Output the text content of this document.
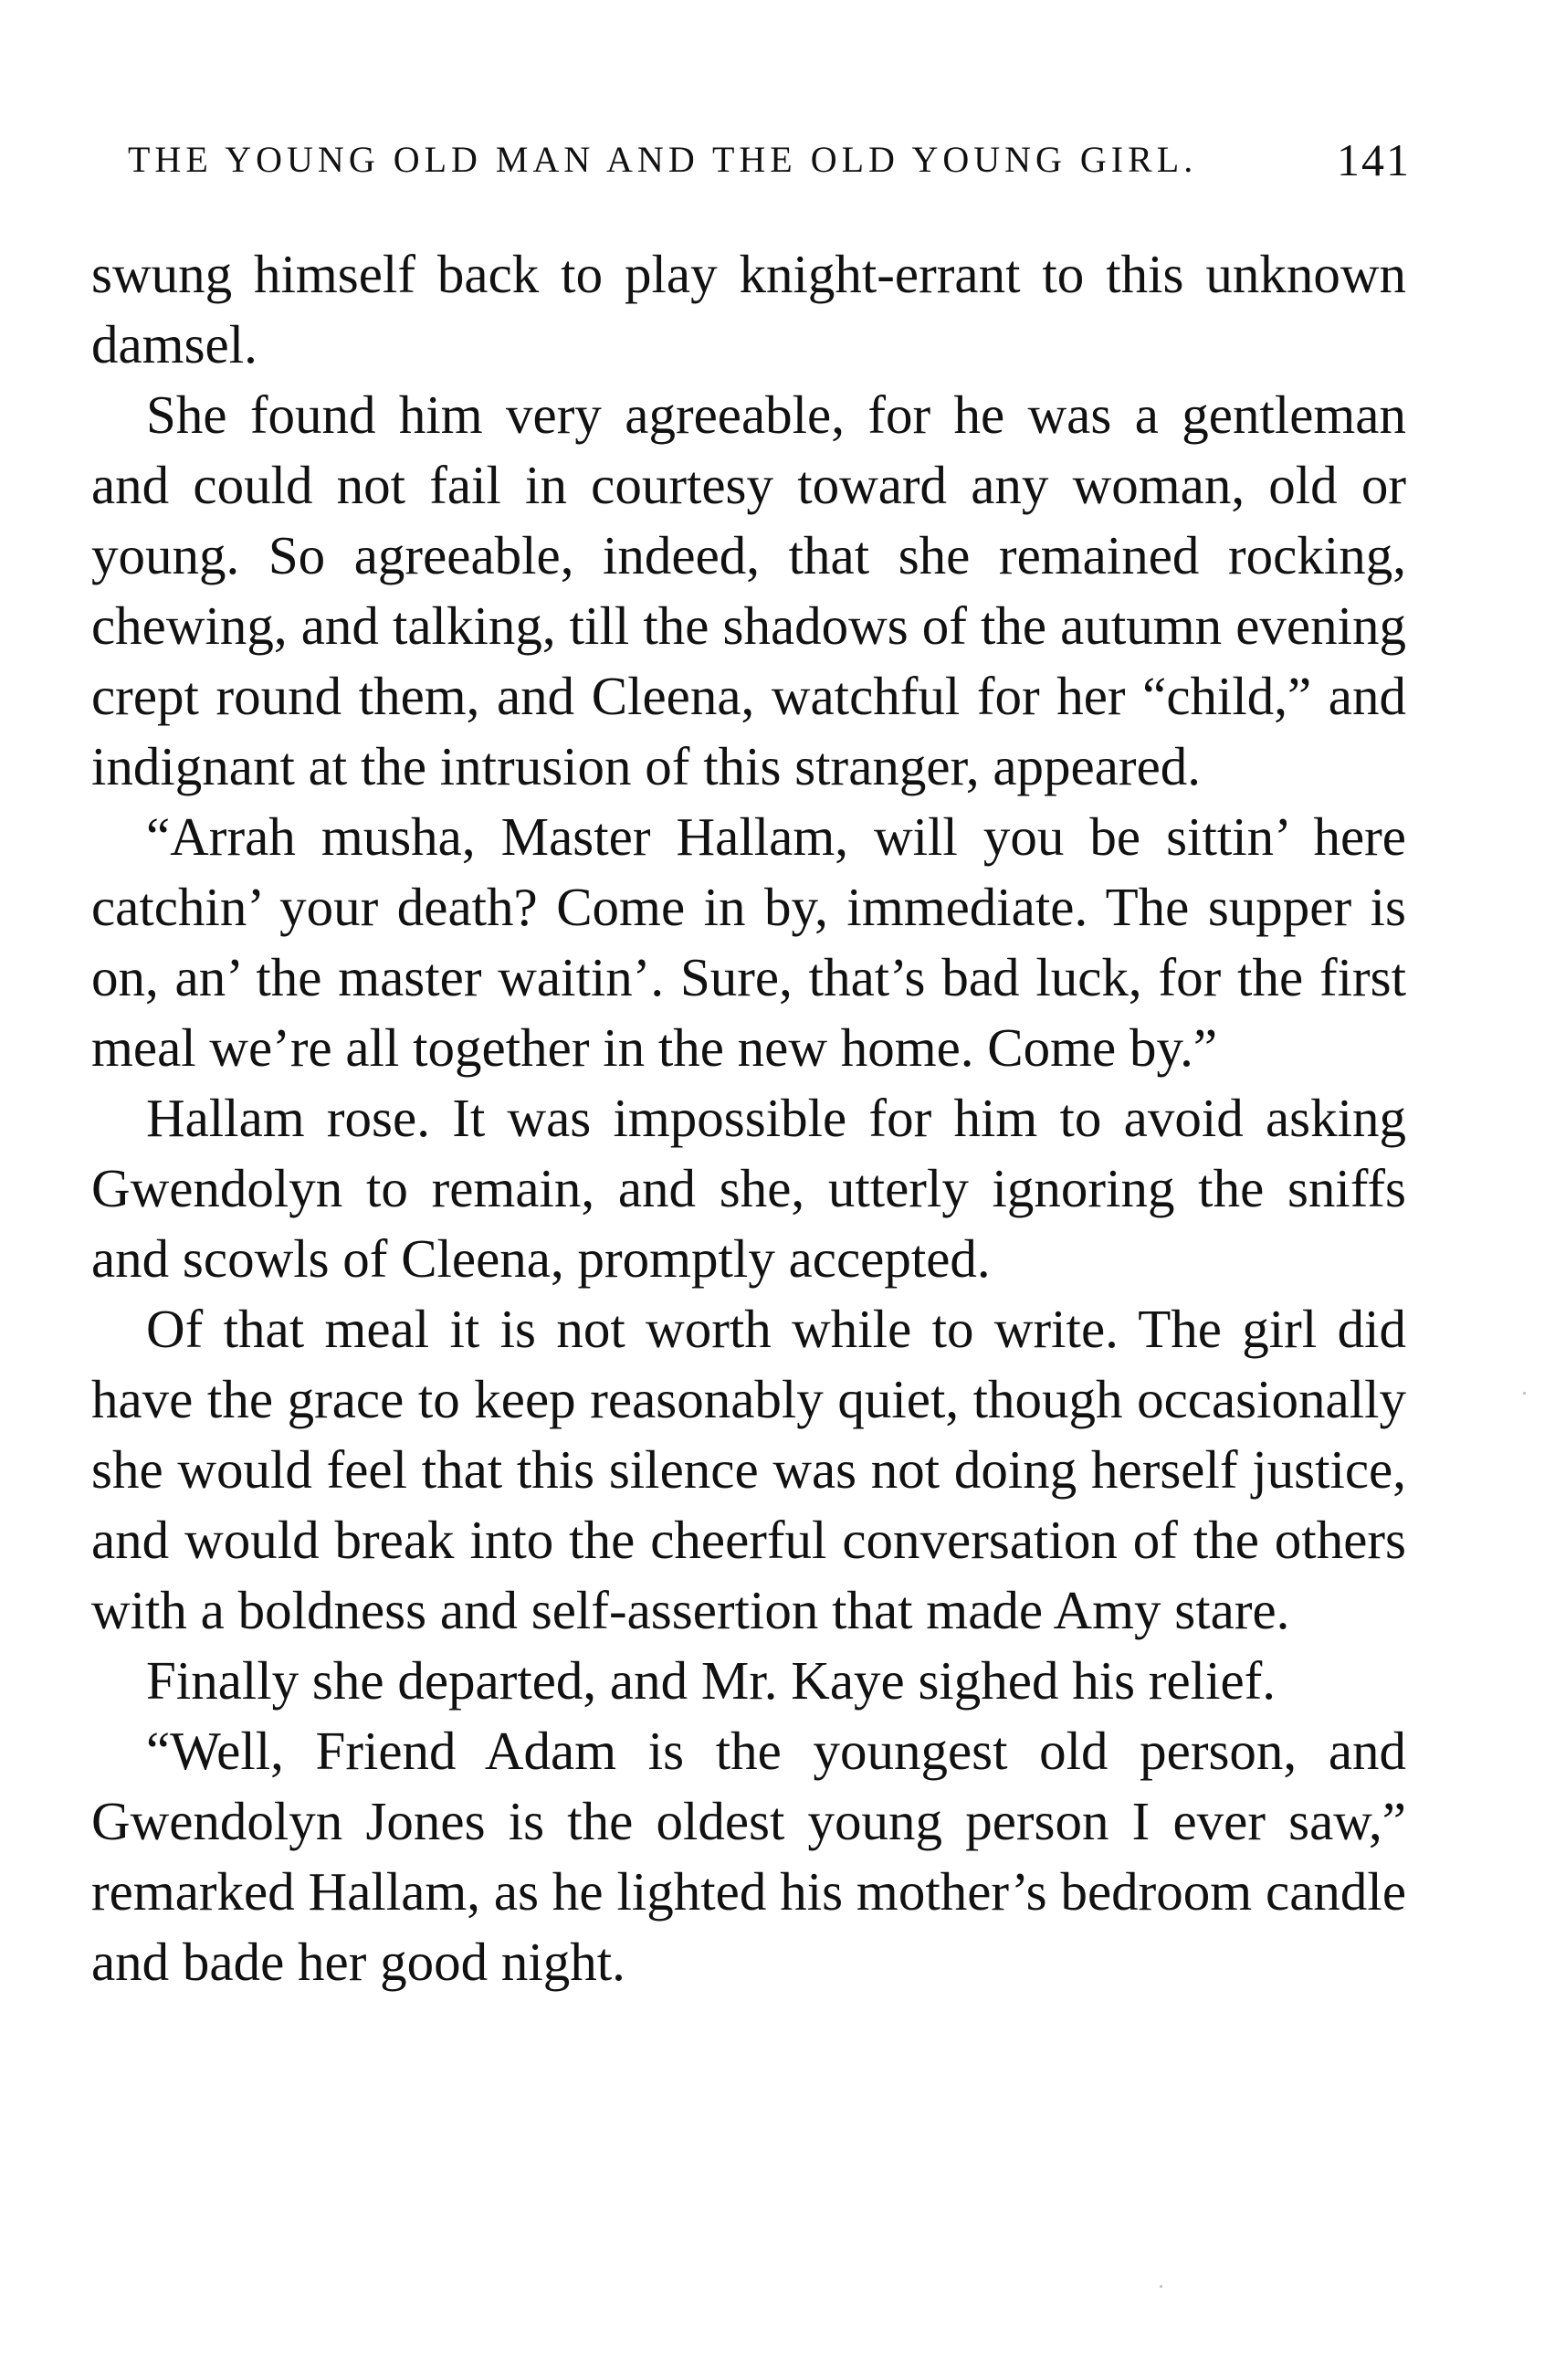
THE YOUNG OLD MAN AND THE OLD YOUNG GIRL.	141

swung himself back to play knight-errant to this unknown damsel.

She found him very agreeable, for he was a gentleman and could not fail in courtesy toward any woman, old or young. So agreeable, indeed, that she remained rocking, chewing, and talking, till the shadows of the autumn evening crept round them, and Cleena, watchful for her “child,” and indignant at the intrusion of this stranger, appeared.

“Arrah musha, Master Hallam, will you be sittin’ here catchin’ your death? Come in by, immediate. The supper is on, an’ the master waitin’. Sure, that’s bad luck, for the first meal we’re all together in the new home. Come by.”

Hallam rose. It was impossible for him to avoid asking Gwendolyn to remain, and she, utterly ignoring the sniffs and scowls of Cleena, promptly accepted.

Of that meal it is not worth while to write. The girl did have the grace to keep reasonably quiet, though occasionally she would feel that this silence was not doing herself justice, and would break into the cheerful conversation of the others with a boldness and self-assertion that made Amy stare.

Finally she departed, and Mr. Kaye sighed his relief.

“Well, Friend Adam is the youngest old person, and Gwendolyn Jones is the oldest young person I ever saw,” remarked Hallam, as he lighted his mother’s bedroom candle and bade her good night.
